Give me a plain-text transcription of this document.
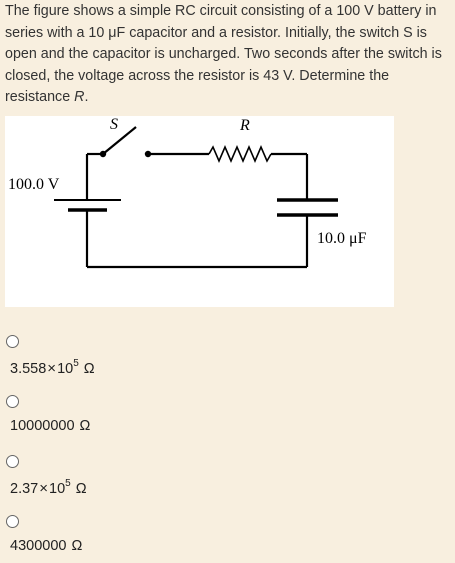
The figure shows a simple RC circuit consisting of a 100 V battery in series with a 10 μF capacitor and a resistor. Initially, the switch S is open and the capacitor is uncharged. Two seconds after the switch is closed, the voltage across the resistor is 43 V. Determine the resistance R.
S	R
100.0 V
10.0 μF
$3.558\times 10^5$ Ω
10000000 Ω
$2.37\times 10^5$ Ω
4300000 Ω
